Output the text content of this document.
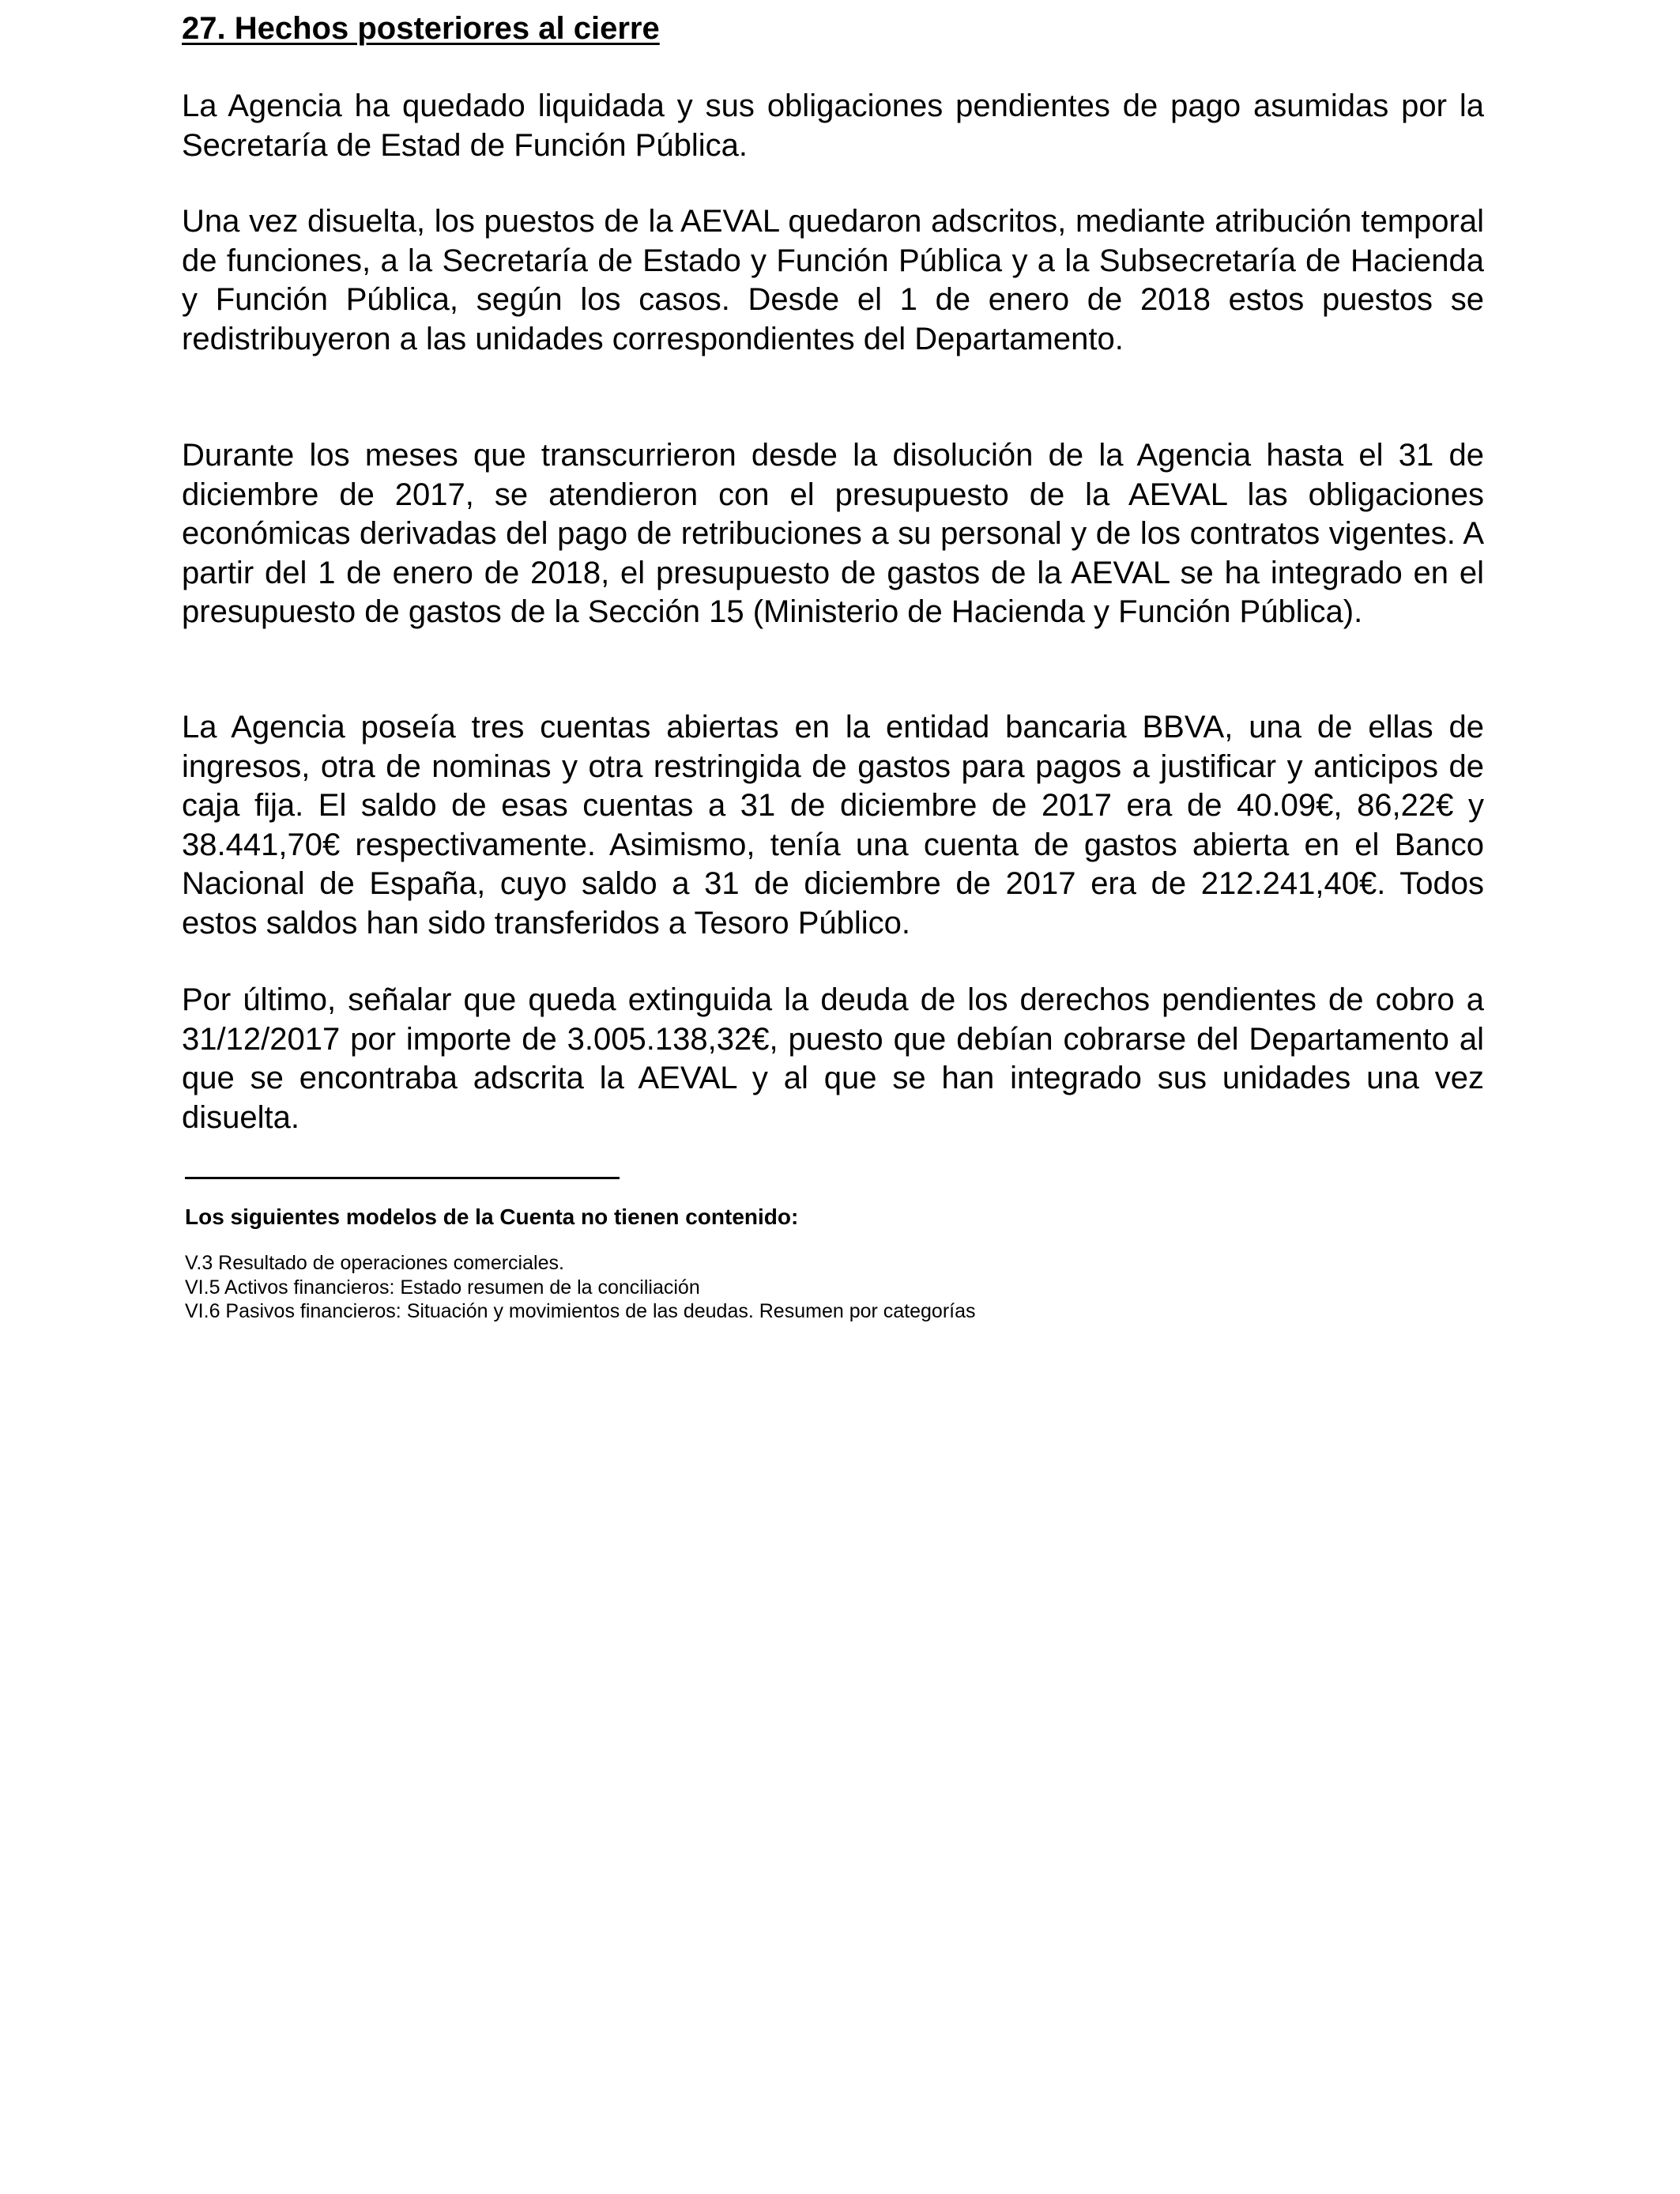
27. Hechos posteriores al cierre

La Agencia ha quedado liquidada y sus obligaciones pendientes de pago asumidas por la Secretaría de Estad de Función Pública.

Una vez disuelta, los puestos de la AEVAL quedaron adscritos, mediante atribución temporal de funciones, a la Secretaría de Estado y Función Pública y a la Subsecretaría de Hacienda y Función Pública, según los casos. Desde el 1 de enero de 2018 estos puestos se redistribuyeron a las unidades correspondientes del Departamento.

Durante los meses que transcurrieron desde la disolución de la Agencia hasta el 31 de diciembre de 2017, se atendieron con el presupuesto de la AEVAL las obligaciones económicas derivadas del pago de retribuciones a su personal y de los contratos vigentes. A partir del 1 de enero de 2018, el presupuesto de gastos de la AEVAL se ha integrado en el presupuesto de gastos de la Sección 15 (Ministerio de Hacienda y Función Pública).

La Agencia poseía tres cuentas abiertas en la entidad bancaria BBVA, una de ellas de ingresos, otra de nominas y otra restringida de gastos para pagos a justificar y anticipos de caja fija. El saldo de esas cuentas a 31 de diciembre de 2017 era de 40.09€, 86,22€ y 38.441,70€ respectivamente. Asimismo, tenía una cuenta de gastos abierta en el Banco Nacional de España, cuyo saldo a 31 de diciembre de 2017 era de 212.241,40€. Todos estos saldos han sido transferidos a Tesoro Público.

Por último, señalar que queda extinguida la deuda de los derechos pendientes de cobro a 31/12/2017 por importe de 3.005.138,32€, puesto que debían cobrarse del Departamento al que se encontraba adscrita la AEVAL y al que se han integrado sus unidades una vez disuelta.

Los siguientes modelos de la Cuenta no tienen contenido:
V.3 Resultado de operaciones comerciales.
VI.5 Activos financieros: Estado resumen de la conciliación
VI.6 Pasivos financieros: Situación y movimientos de las deudas. Resumen por categorías
